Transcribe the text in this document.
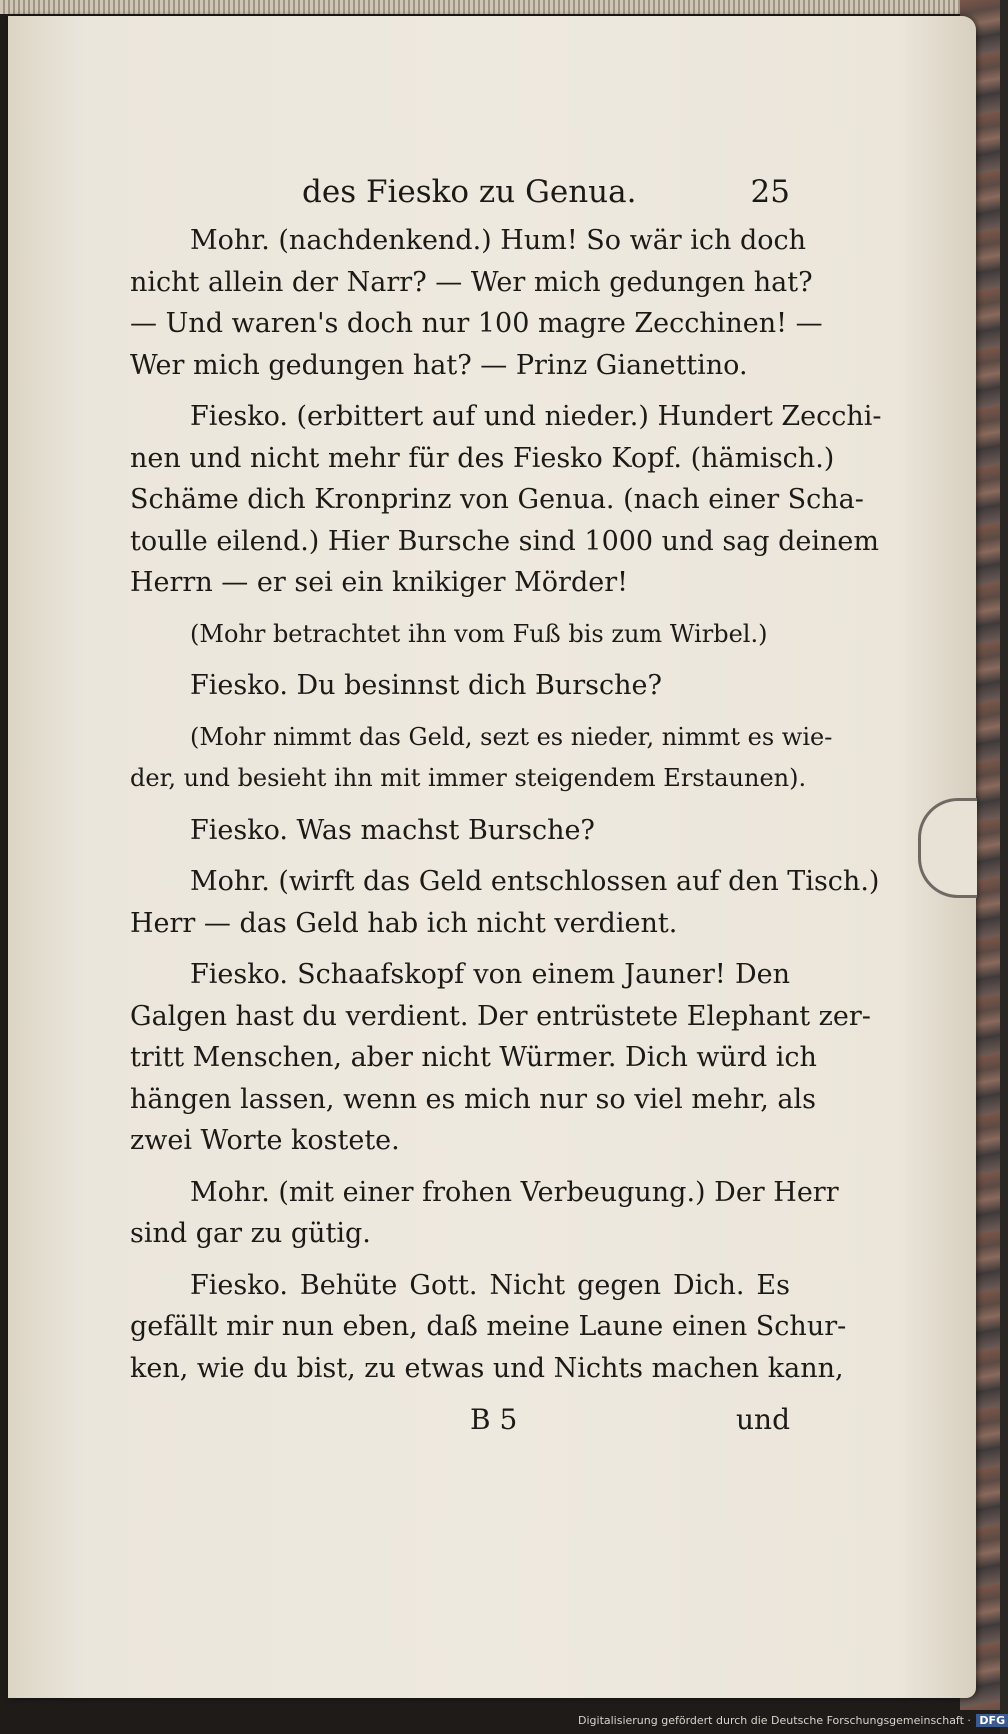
des Fiesko zu Genua.	25
Mohr. (nachdenkend.) Hum! So wär ich doch
nicht allein der Narr? — Wer mich gedungen hat?
— Und waren's doch nur 100 magre Zecchinen! —
Wer mich gedungen hat? — Prinz Gianettino.
Fiesko. (erbittert auf und nieder.) Hundert Zecchi-
nen und nicht mehr für des Fiesko Kopf. (hämisch.)
Schäme dich Kronprinz von Genua. (nach einer Scha-
toulle eilend.) Hier Bursche sind 1000 und sag deinem
Herrn — er sei ein knikiger Mörder!
(Mohr betrachtet ihn vom Fuß bis zum Wirbel.)
Fiesko. Du besinnst dich Bursche?
(Mohr nimmt das Geld, sezt es nieder, nimmt es wie-
der, und besieht ihn mit immer steigendem Erstaunen).
Fiesko. Was machst Bursche?
Mohr. (wirft das Geld entschlossen auf den Tisch.)
Herr — das Geld hab ich nicht verdient.
Fiesko. Schaafskopf von einem Jauner! Den
Galgen hast du verdient. Der entrüstete Elephant zer-
tritt Menschen, aber nicht Würmer. Dich würd ich
hängen lassen, wenn es mich nur so viel mehr, als
zwei Worte kostete.
Mohr. (mit einer frohen Verbeugung.) Der Herr
sind gar zu gütig.
Fiesko. Behüte Gott. Nicht gegen Dich. Es
gefällt mir nun eben, daß meine Laune einen Schur-
ken, wie du bist, zu etwas und Nichts machen kann,
B 5	und
Digitalisierung gefördert durch die Deutsche Forschungsgemeinschaft · DFG
